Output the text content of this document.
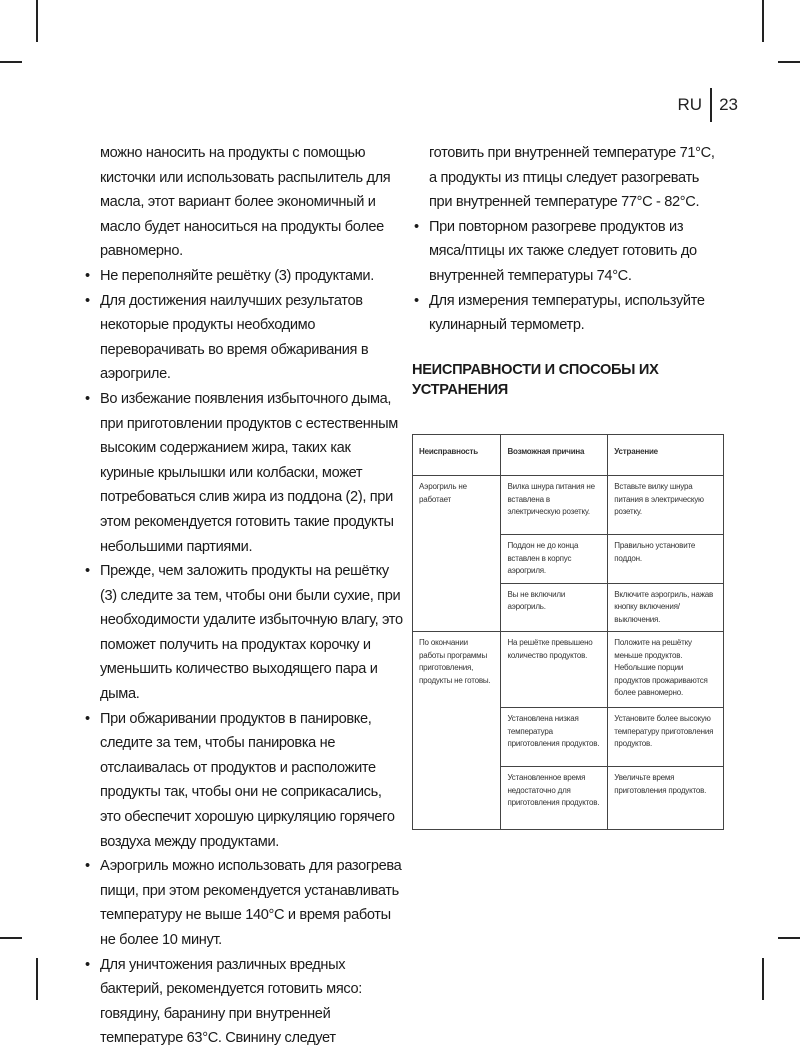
RU 23

можно наносить на продукты с помощью кисточки или использовать распылитель для масла, этот вариант более экономичный и масло будет наноситься на продукты более равномерно.

• Не переполняйте решётку (3) продуктами.
• Для достижения наилучших результатов некоторые продукты необходимо переворачивать во время обжаривания в аэрогриле.
• Во избежание появления избыточного дыма, при приготовлении продуктов с естественным высоким содержанием жира, таких как куриные крылышки или колбаски, может потребоваться слив жира из поддона (2), при этом рекомендуется готовить такие продукты небольшими партиями.
• Прежде, чем заложить продукты на решётку (3) следите за тем, чтобы они были сухие, при необходимости удалите избыточную влагу, это поможет получить на продуктах корочку и уменьшить количество выходящего пара и дыма.
• При обжаривании продуктов в панировке, следите за тем, чтобы панировка не отслаивалась от продуктов и расположите продукты так, чтобы они не соприкасались, это обеспечит хорошую циркуляцию горячего воздуха между продуктами.
• Аэрогриль можно использовать для разогрева пищи, при этом рекомендуется устанавливать температуру не выше 140°C и время работы не более 10 минут.
• Для уничтожения различных вредных бактерий, рекомендуется готовить мясо: говядину, баранину при внутренней температуре 63°C. Свинину следует

готовить при внутренней температуре 71°C, а продукты из птицы следует разогревать при внутренней температуре 77°C - 82°C.

• При повторном разогреве продуктов из мяса/птицы их также следует готовить до внутренней температуры 74°C.
• Для измерения температуры, используйте кулинарный термометр.
НЕИСПРАВНОСТИ И СПОСОБЫ ИХ УСТРАНЕНИЯ
Неисправность	Возможная причина	Устранение
Аэрогриль не работает	Вилка шнура питания не вставлена в электрическую розетку.	Вставьте вилку шнура питания в электрическую розетку.
	Поддон не до конца вставлен в корпус аэрогриля.	Правильно установите поддон.
	Вы не включили аэрогриль.	Включите аэрогриль, нажав кнопку включения/выключения.
По окончании работы программы приготовления, продукты не готовы.	На решётке превышено количество продуктов.	Положите на решётку меньше продуктов. Небольшие порции продуктов прожариваются более равномерно.
	Установлена низкая температура приготовления продуктов.	Установите более высокую температуру приготовления продуктов.
	Установленное время недостаточно для приготовления продуктов.	Увеличьте время приготовления продуктов.
